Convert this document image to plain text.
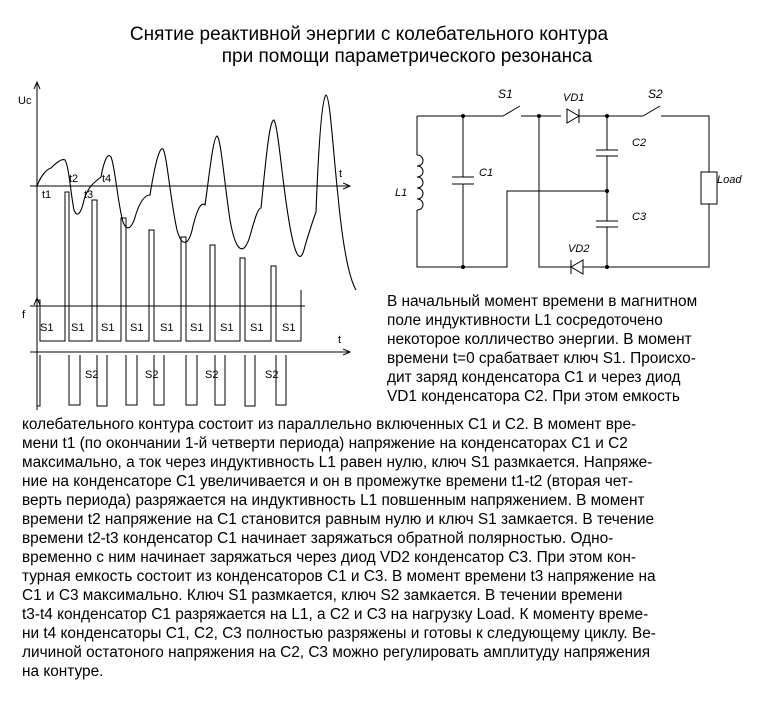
Снятие реактивной энергии с колебательного контура
при помощи параметрического резонанса
Uc
t
t1
t2
t3
t4
f
t
S1 S1 S1 S1 S1 S1 S1 S1 S1
S2	S2	S2	S2
S1	S2
VD1
VD2
C1
C2
C3
L1
Load
В начальный момент времени в магнитном
поле индуктивности L1 сосредоточено
некоторое колличество энергии. В момент
времени t=0 срабатвает ключ S1. Происхо-
дит заряд конденсатора С1 и через диод
VD1 конденсатора С2. При этом емкость
колебательного контура состоит из параллельно включенных С1 и С2. В момент вре-
мени t1 (по окончании 1-й четверти периода) напряжение на конденсаторах С1 и С2
максимально, а ток через индуктивность L1 равен нулю, ключ S1 размкается. Напряже-
ние на конденсаторе С1 увеличивается и он в промежутке времени t1-t2 (вторая чет-
верть периода) разряжается на индуктивность L1 повшенным напряжением. В момент
времени t2 напряжение на С1 становится равным нулю и ключ S1 замкается. В течение
времени t2-t3 конденсатор С1 начинает заряжаться обратной полярностью. Одно-
временно с ним начинает заряжаться через диод VD2 конденсатор С3. При этом кон-
турная емкость состоит из конденсаторов С1 и С3. В момент времени t3 напряжение на
С1 и С3 максимально. Ключ S1 размкается, ключ S2 замкается. В течении времени
t3-t4 конденсатор С1 разряжается на L1, а С2 и С3 на нагрузку Load. К моменту време-
ни t4 конденсаторы С1, С2, С3 полностью разряжены и готовы к следующему циклу. Ве-
личиной остатоного напряжения на С2, С3 можно регулировать амплитуду напряжения
на контуре.
